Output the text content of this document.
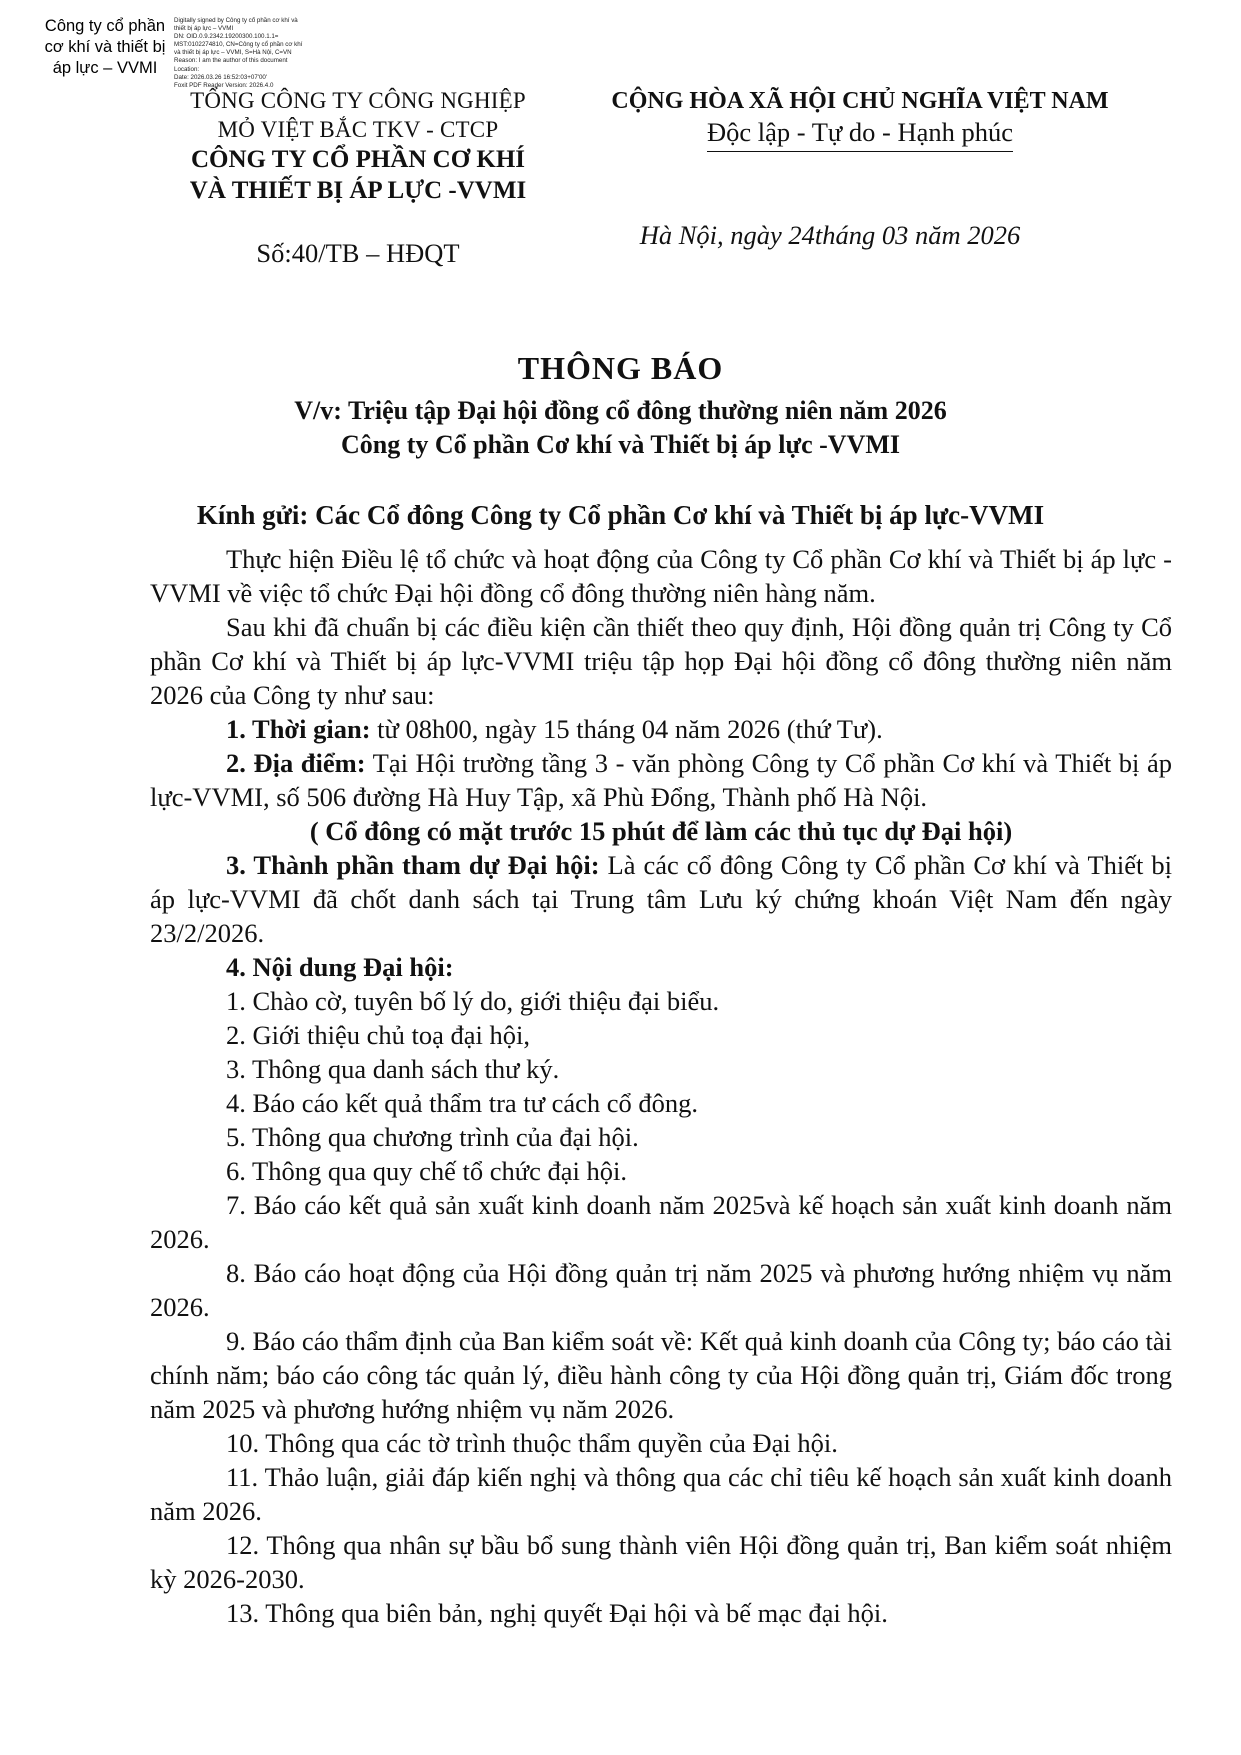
Công ty cổ phần
cơ khí và thiết bị
áp lực – VVMI
Digitally signed by Công ty cổ phần cơ khí và
thiết bị áp lực – VVMI
DN: OID.0.9.2342.19200300.100.1.1=
MST:0102274810, CN=Công ty cổ phần cơ khí
và thiết bị áp lực – VVMI, S=Hà Nội, C=VN
Reason: I am the author of this document
Location:
Date: 2026.03.26 16:52:03+07'00'
Foxit PDF Reader Version: 2026.4.0
TỔNG CÔNG TY CÔNG NGHIỆP
MỎ VIỆT BẮC TKV - CTCP
CÔNG TY CỔ PHẦN CƠ KHÍ
VÀ THIẾT BỊ ÁP LỰC -VVMI
Số:40/TB – HĐQT
CỘNG HÒA XÃ HỘI CHỦ NGHĨA VIỆT NAM
Độc lập - Tự do - Hạnh phúc
Hà Nội, ngày 24tháng 03 năm 2026
THÔNG BÁO
V/v: Triệu tập Đại hội đồng cổ đông thường niên năm 2026
Công ty Cổ phần Cơ khí và Thiết bị áp lực -VVMI
Kính gửi: Các Cổ đông Công ty Cổ phần Cơ khí và Thiết bị áp lực-VVMI

Thực hiện Điều lệ tổ chức và hoạt động của Công ty Cổ phần Cơ khí và Thiết bị áp lực - VVMI về việc tổ chức Đại hội đồng cổ đông thường niên hàng năm.

Sau khi đã chuẩn bị các điều kiện cần thiết theo quy định, Hội đồng quản trị Công ty Cổ phần Cơ khí và Thiết bị áp lực-VVMI triệu tập họp Đại hội đồng cổ đông thường niên năm 2026 của Công ty như sau:

1. Thời gian: từ 08h00, ngày 15 tháng 04 năm 2026 (thứ Tư).

2. Địa điểm: Tại Hội trường tầng 3 - văn phòng Công ty Cổ phần Cơ khí và Thiết bị áp lực-VVMI, số 506 đường Hà Huy Tập, xã Phù Đổng, Thành phố Hà Nội.

( Cổ đông có mặt trước 15 phút để làm các thủ tục dự Đại hội)

3. Thành phần tham dự Đại hội: Là các cổ đông Công ty Cổ phần Cơ khí và Thiết bị áp lực-VVMI đã chốt danh sách tại Trung tâm Lưu ký chứng khoán Việt Nam đến ngày 23/2/2026.

4. Nội dung Đại hội:

1. Chào cờ, tuyên bố lý do, giới thiệu đại biểu.

2. Giới thiệu chủ toạ đại hội,

3. Thông qua danh sách thư ký.

4. Báo cáo kết quả thẩm tra tư cách cổ đông.

5. Thông qua chương trình của đại hội.

6. Thông qua quy chế tổ chức đại hội.

7. Báo cáo kết quả sản xuất kinh doanh năm 2025và kế hoạch sản xuất kinh doanh năm 2026.

8. Báo cáo hoạt động của Hội đồng quản trị năm 2025 và phương hướng nhiệm vụ năm 2026.

9. Báo cáo thẩm định của Ban kiểm soát về: Kết quả kinh doanh của Công ty; báo cáo tài chính năm; báo cáo công tác quản lý, điều hành công ty của Hội đồng quản trị, Giám đốc trong năm 2025 và phương hướng nhiệm vụ năm 2026.

10. Thông qua các tờ trình thuộc thẩm quyền của Đại hội.

11. Thảo luận, giải đáp kiến nghị và thông qua các chỉ tiêu kế hoạch sản xuất kinh doanh năm 2026.

12. Thông qua nhân sự bầu bổ sung thành viên Hội đồng quản trị, Ban kiểm soát nhiệm kỳ 2026-2030.

13. Thông qua biên bản, nghị quyết Đại hội và bế mạc đại hội.
